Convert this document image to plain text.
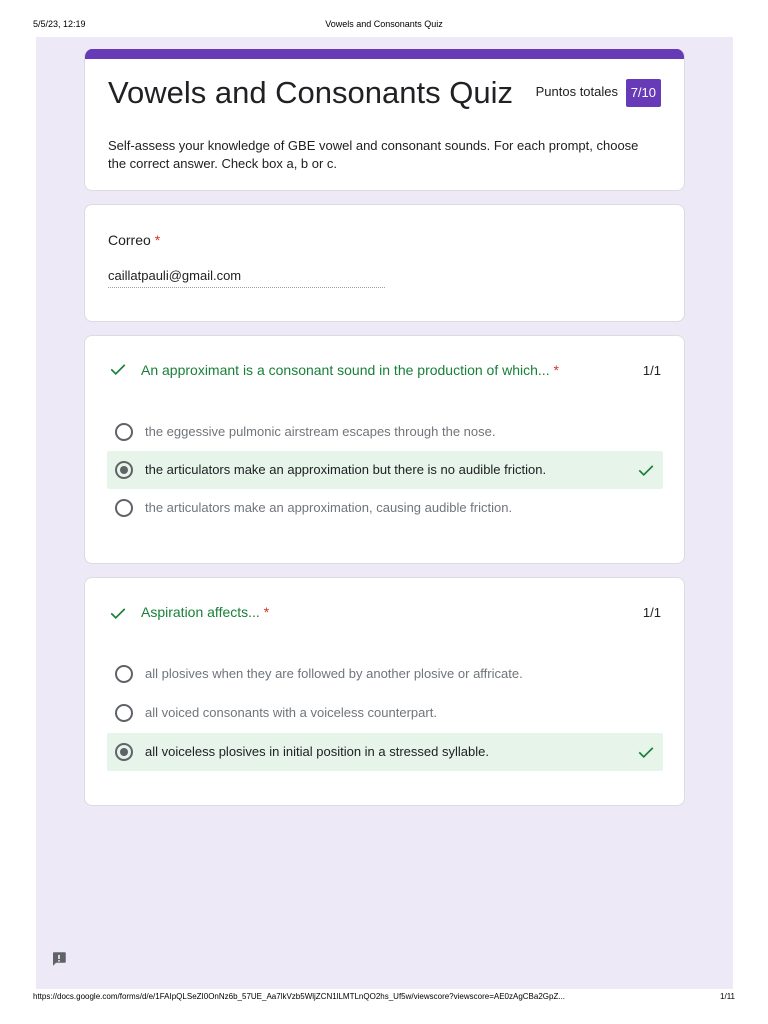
5/5/23, 12:19	Vowels and Consonants Quiz
Vowels and Consonants Quiz Puntos totales 7/10

Self-assess your knowledge of GBE vowel and consonant sounds. For each prompt, choose the correct answer. Check box a, b or c.

Correo *
caillatpauli@gmail.com
An approximant is a consonant sound in the production of which... *	1/1
the eggessive pulmonic airstream escapes through the nose.
the articulators make an approximation but there is no audible friction.
the articulators make an approximation, causing audible friction.
Aspiration affects... *	1/1
all plosives when they are followed by another plosive or affricate.
all voiced consonants with a voiceless counterpart.
all voiceless plosives in initial position in a stressed syllable.
https://docs.google.com/forms/d/e/1FAIpQLSeZI0OnNz6b_57UE_Aa7lkVzb5WljZCN1lLMTLnQO2hs_Uf5w/viewscore?viewscore=AE0zAgCBa2GpZ...	1/11
